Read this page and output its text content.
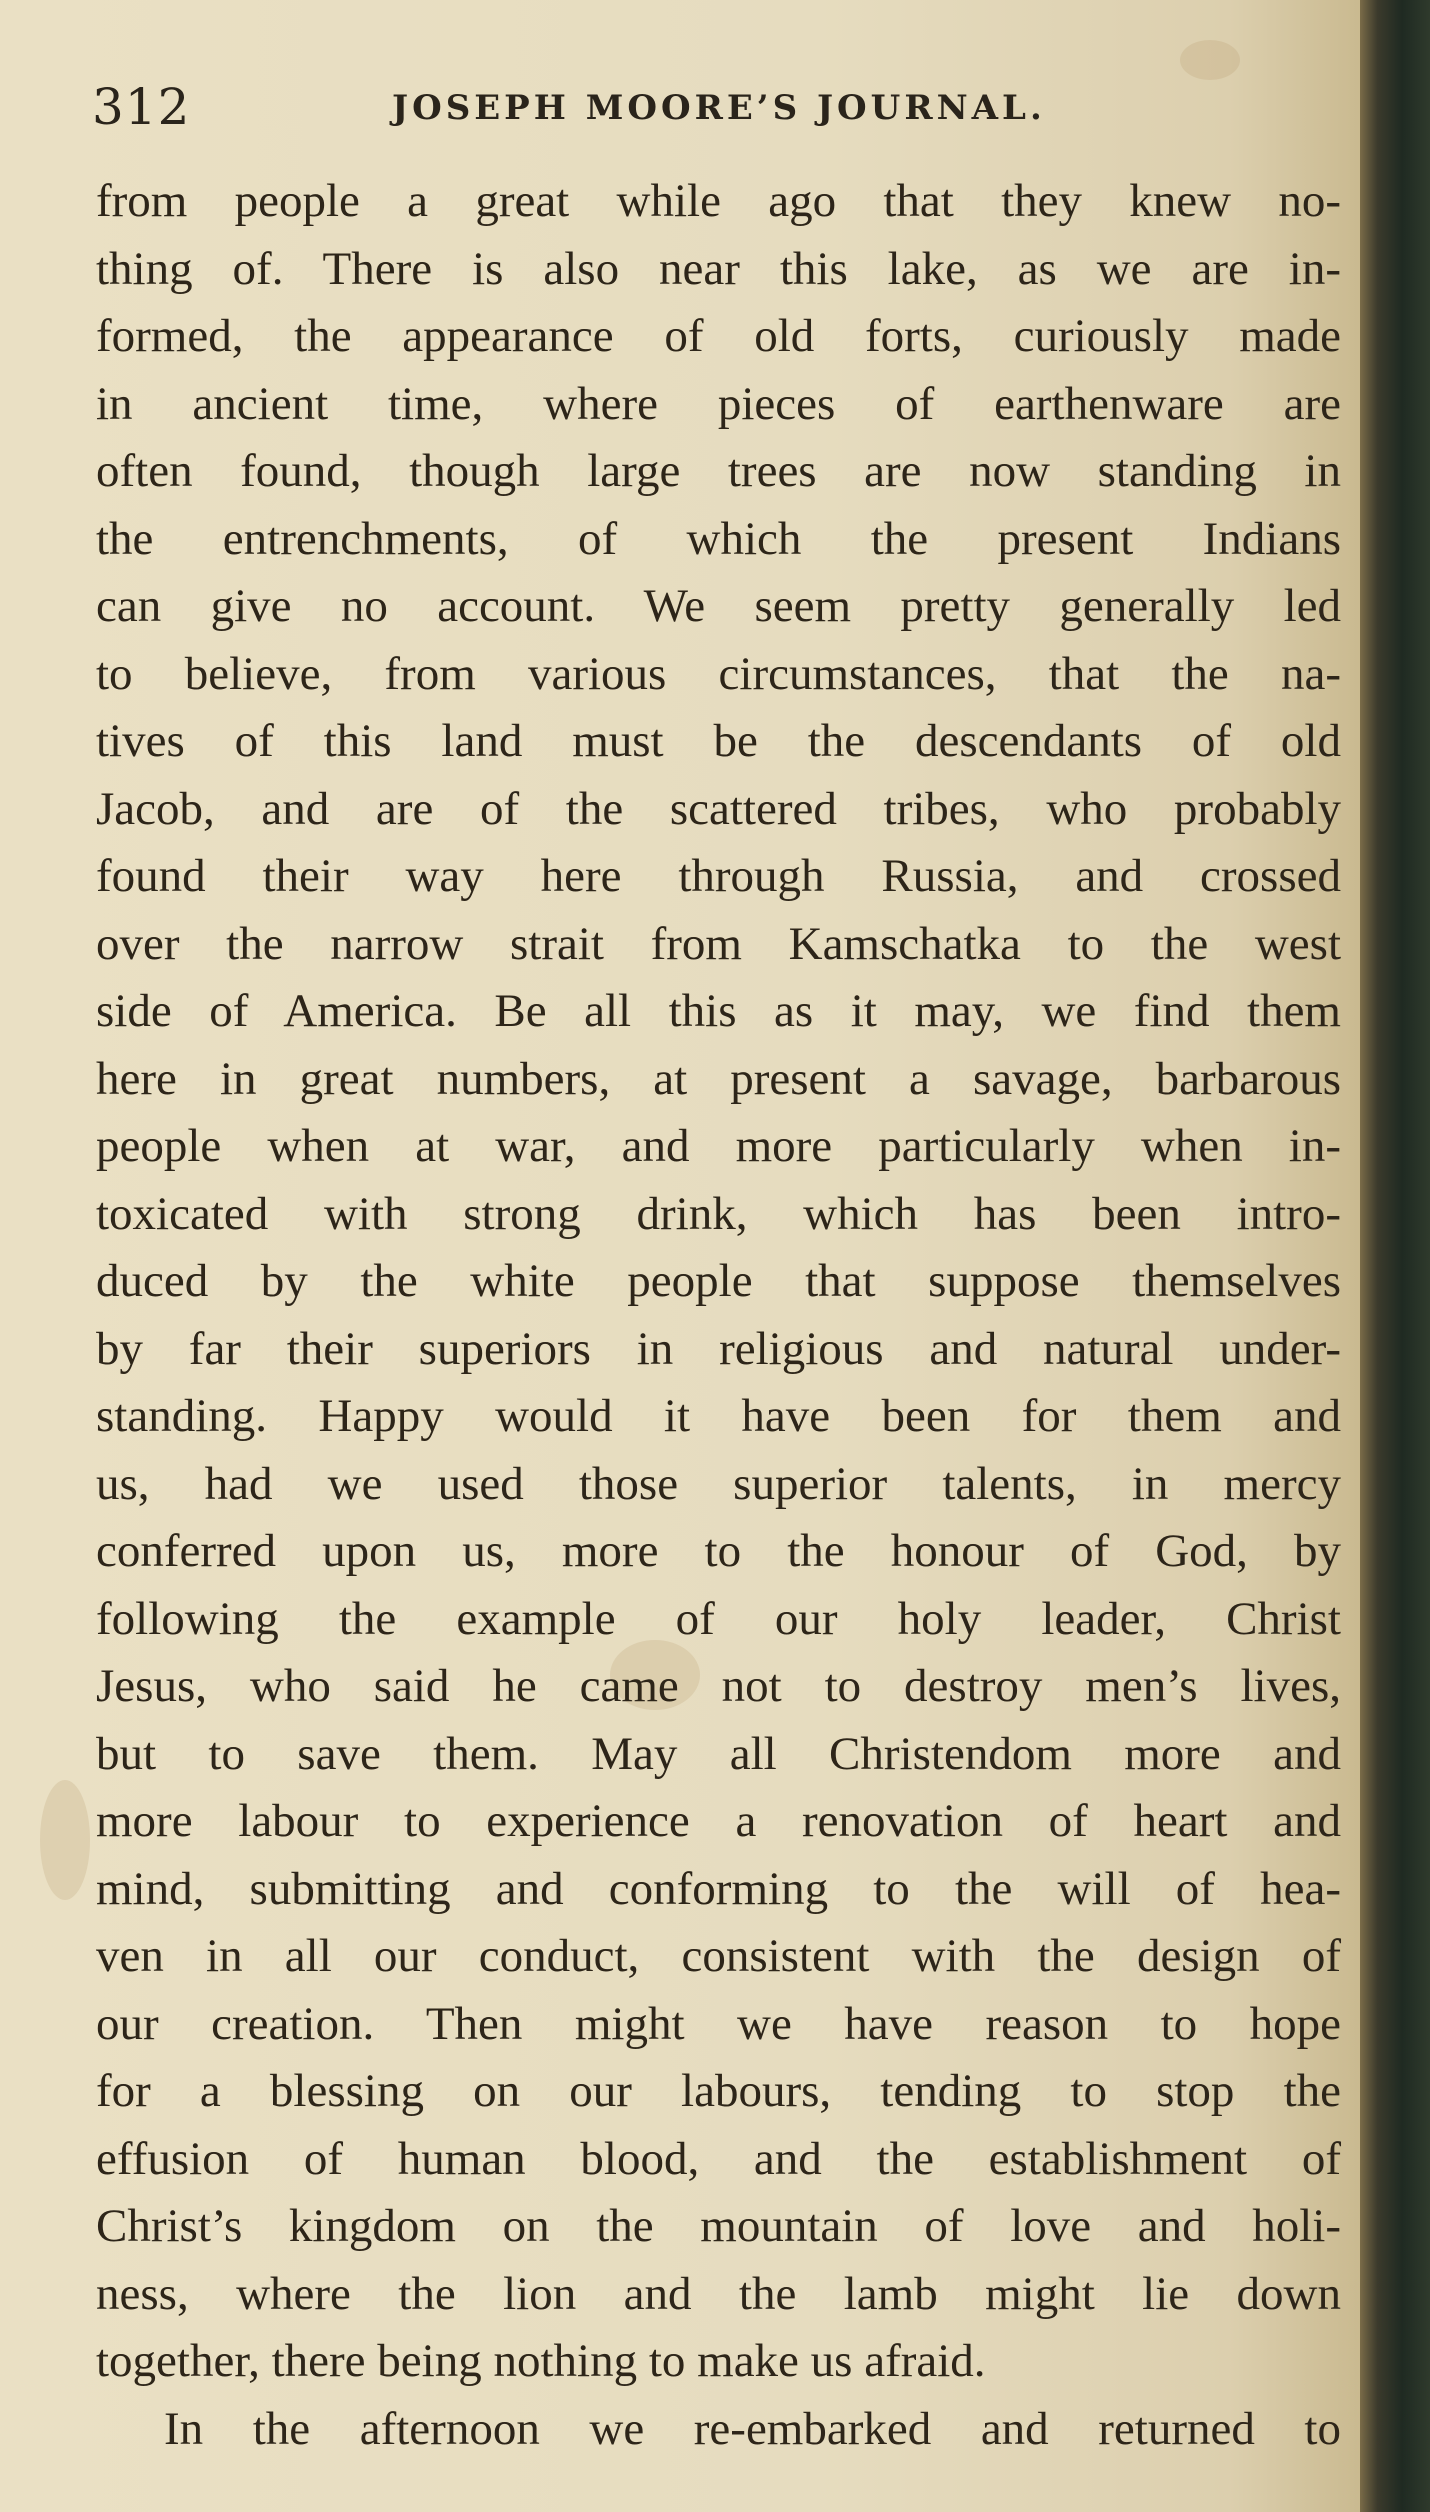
312	JOSEPH MOORE’S JOURNAL.
from people a great while ago that they knew no-
thing of. There is also near this lake, as we are in-
formed, the appearance of old forts, curiously made
in ancient time, where pieces of earthenware are
often found, though large trees are now standing in
the entrenchments, of which the present Indians
can give no account. We seem pretty generally led
to believe, from various circumstances, that the na-
tives of this land must be the descendants of old
Jacob, and are of the scattered tribes, who probably
found their way here through Russia, and crossed
over the narrow strait from Kamschatka to the west
side of America. Be all this as it may, we find them
here in great numbers, at present a savage, barbarous
people when at war, and more particularly when in-
toxicated with strong drink, which has been intro-
duced by the white people that suppose themselves
by far their superiors in religious and natural under-
standing. Happy would it have been for them and
us, had we used those superior talents, in mercy
conferred upon us, more to the honour of God, by
following the example of our holy leader, Christ
Jesus, who said he came not to destroy men’s lives,
but to save them. May all Christendom more and
more labour to experience a renovation of heart and
mind, submitting and conforming to the will of hea-
ven in all our conduct, consistent with the design of
our creation. Then might we have reason to hope
for a blessing on our labours, tending to stop the
effusion of human blood, and the establishment of
Christ’s kingdom on the mountain of love and holi-
ness, where the lion and the lamb might lie down
together, there being nothing to make us afraid.
In the afternoon we re-embarked and returned to
